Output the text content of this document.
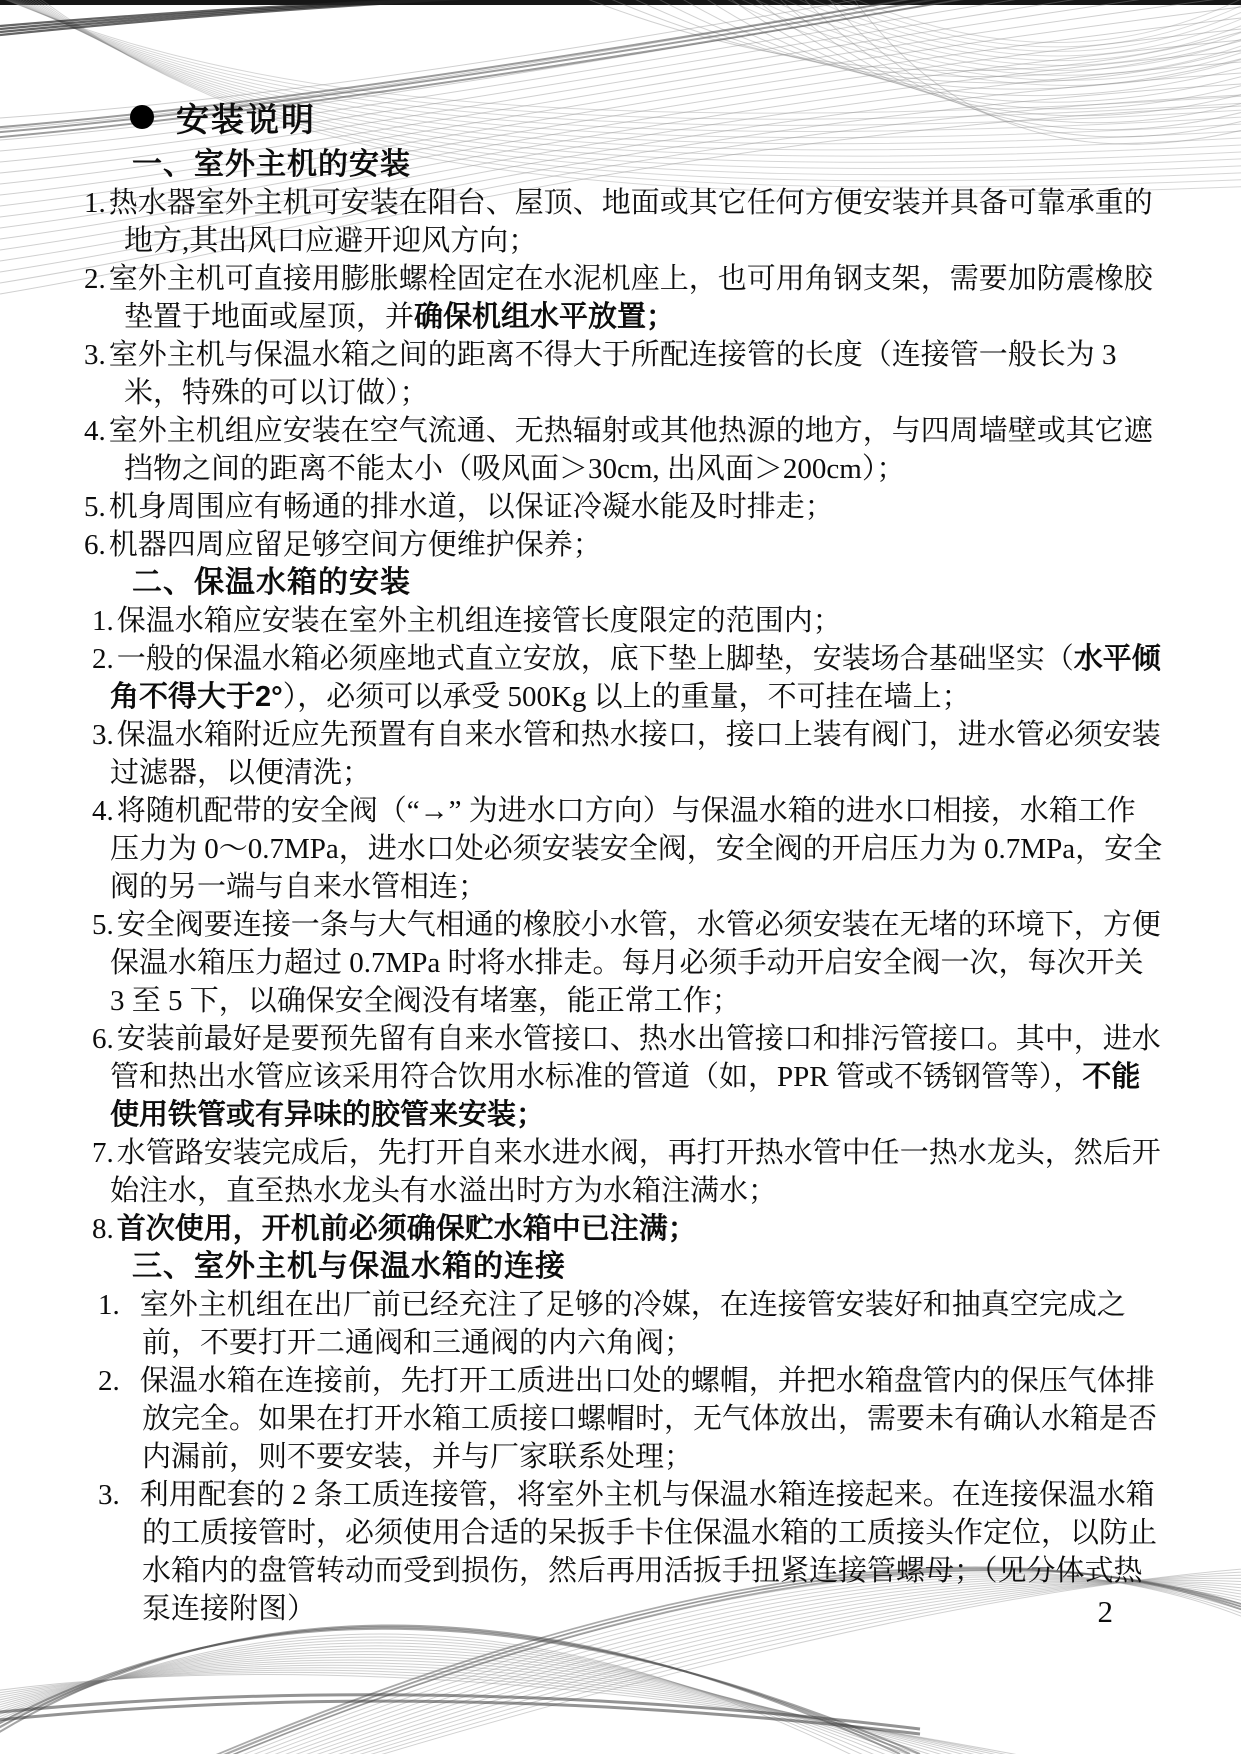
安装说明
一、室外主机的安装
1. 热水器室外主机可安装在阳台、屋顶、地面或其它任何方便安装并具备可靠承重的地方,其出风口应避开迎风方向；
2. 室外主机可直接用膨胀螺栓固定在水泥机座上，也可用角钢支架，需要加防震橡胶垫置于地面或屋顶，并确保机组水平放置；
3. 室外主机与保温水箱之间的距离不得大于所配连接管的长度（连接管一般长为 3 米，特殊的可以订做）；
4. 室外主机组应安装在空气流通、无热辐射或其他热源的地方，与四周墙壁或其它遮挡物之间的距离不能太小（吸风面＞30cm, 出风面＞200cm）；
5. 机身周围应有畅通的排水道，以保证冷凝水能及时排走；
6. 机器四周应留足够空间方便维护保养；
二、保温水箱的安装
1. 保温水箱应安装在室外主机组连接管长度限定的范围内；
2. 一般的保温水箱必须座地式直立安放，底下垫上脚垫，安装场合基础坚实（水平倾角不得大于2°），必须可以承受 500Kg 以上的重量，不可挂在墙上；
3. 保温水箱附近应先预置有自来水管和热水接口，接口上装有阀门，进水管必须安装过滤器，以便清洗；
4. 将随机配带的安全阀（“→” 为进水口方向）与保温水箱的进水口相接，水箱工作压力为 0～0.7MPa，进水口处必须安装安全阀，安全阀的开启压力为 0.7MPa，安全阀的另一端与自来水管相连；
5. 安全阀要连接一条与大气相通的橡胶小水管，水管必须安装在无堵的环境下，方便保温水箱压力超过 0.7MPa 时将水排走。每月必须手动开启安全阀一次，每次开关 3 至 5 下，以确保安全阀没有堵塞，能正常工作；
6. 安装前最好是要预先留有自来水管接口、热水出管接口和排污管接口。其中，进水管和热出水管应该采用符合饮用水标准的管道（如，PPR 管或不锈钢管等），不能使用铁管或有异味的胶管来安装；
7. 水管路安装完成后，先打开自来水进水阀，再打开热水管中任一热水龙头，然后开始注水，直至热水龙头有水溢出时方为水箱注满水；
8. 首次使用，开机前必须确保贮水箱中已注满；
三、室外主机与保温水箱的连接
1. 室外主机组在出厂前已经充注了足够的冷媒，在连接管安装好和抽真空完成之前，不要打开二通阀和三通阀的内六角阀；
2. 保温水箱在连接前，先打开工质进出口处的螺帽，并把水箱盘管内的保压气体排放完全。如果在打开水箱工质接口螺帽时，无气体放出，需要未有确认水箱是否内漏前，则不要安装，并与厂家联系处理；
3. 利用配套的 2 条工质连接管，将室外主机与保温水箱连接起来。在连接保温水箱的工质接管时，必须使用合适的呆扳手卡住保温水箱的工质接头作定位，以防止水箱内的盘管转动而受到损伤，然后再用活扳手扭紧连接管螺母；（见分体式热泵连接附图）	2
